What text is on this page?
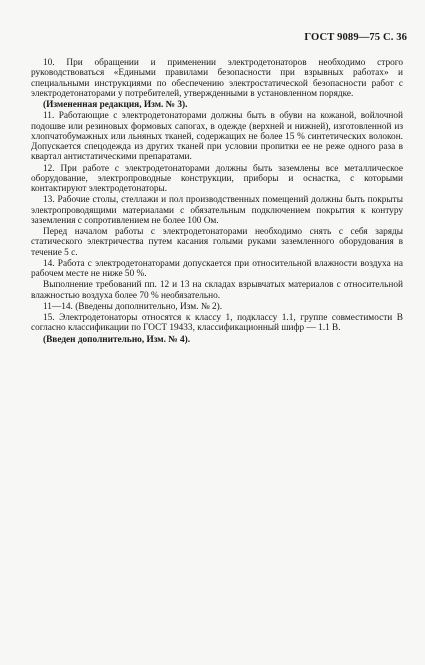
ГОСТ 9089—75 С. 36

10. При обращении и применении электродетонаторов необходимо строго руководствоваться «Едиными правилами безопасности при взрывных работах» и специальными инструкциями по обеспечению электростатической безопасности работ с электродетонаторами у потребителей, утвержденными в установленном порядке.

(Измененная редакция, Изм. № 3).

11. Работающие с электродетонаторами должны быть в обуви на кожаной, войлочной подошве или резиновых формовых сапогах, в одежде (верхней и нижней), изготовленной из хлопчатобумажных или льняных тканей, содержащих не более 15 % синтетических волокон. Допускается спецодежда из других тканей при условии пропитки ее не реже одного раза в квартал антистатическими препаратами.

12. При работе с электродетонаторами должны быть заземлены все металлическое оборудование, электропроводные конструкции, приборы и оснастка, с которыми контактируют электродетонаторы.

13. Рабочие столы, стеллажи и пол производственных помещений должны быть покрыты электропроводящими материалами с обязательным подключением покрытия к контуру заземления с сопротивлением не более 100 Ом.

Перед началом работы с электродетонаторами необходимо снять с себя заряды статического электричества путем касания голыми руками заземленного оборудования в течение 5 с.

14. Работа с электродетонаторами допускается при относительной влажности воздуха на рабочем месте не ниже 50 %.

Выполнение требований пп. 12 и 13 на складах взрывчатых материалов с относительной влажностью воздуха более 70 % необязательно.

11—14. (Введены дополнительно, Изм. № 2).

15. Электродетонаторы относятся к классу 1, подклассу 1.1, группе совместимости В согласно классификации по ГОСТ 19433, классификационный шифр — 1.1 В.

(Введен дополнительно, Изм. № 4).
